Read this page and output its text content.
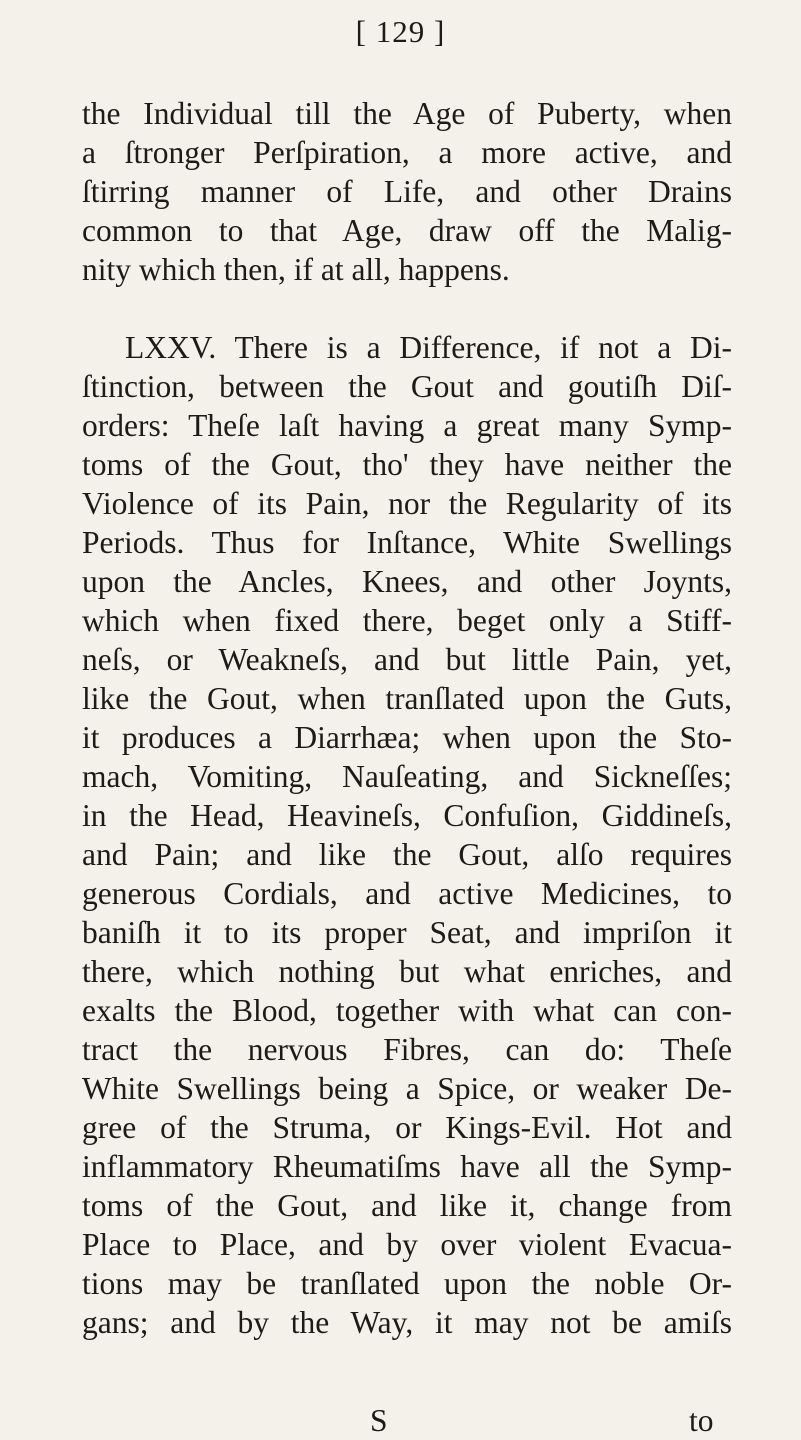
[ 129 ]
the Individual till the Age of Puberty, when
a ſtronger Perſpiration, a more active, and
ſtirring manner of Life, and other Drains
common to that Age, draw off the Malig-
nity which then, if at all, happens.
LXXV. There is a Difference, if not a Di-
ſtinction, between the Gout and goutiſh Diſ-
orders: Theſe laſt having a great many Symp-
toms of the Gout, tho' they have neither the
Violence of its Pain, nor the Regularity of its
Periods. Thus for Inſtance, White Swellings
upon the Ancles, Knees, and other Joynts,
which when fixed there, beget only a Stiff-
neſs, or Weakneſs, and but little Pain, yet,
like the Gout, when tranſlated upon the Guts,
it produces a Diarrhæa; when upon the Sto-
mach, Vomiting, Nauſeating, and Sickneſſes;
in the Head, Heavineſs, Confuſion, Giddineſs,
and Pain; and like the Gout, alſo requires
generous Cordials, and active Medicines, to
baniſh it to its proper Seat, and impriſon it
there, which nothing but what enriches, and
exalts the Blood, together with what can con-
tract the nervous Fibres, can do: Theſe
White Swellings being a Spice, or weaker De-
gree of the Struma, or Kings-Evil. Hot and
inflammatory Rheumatiſms have all the Symp-
toms of the Gout, and like it, change from
Place to Place, and by over violent Evacua-
tions may be tranſlated upon the noble Or-
gans; and by the Way, it may not be amiſs
S	to
